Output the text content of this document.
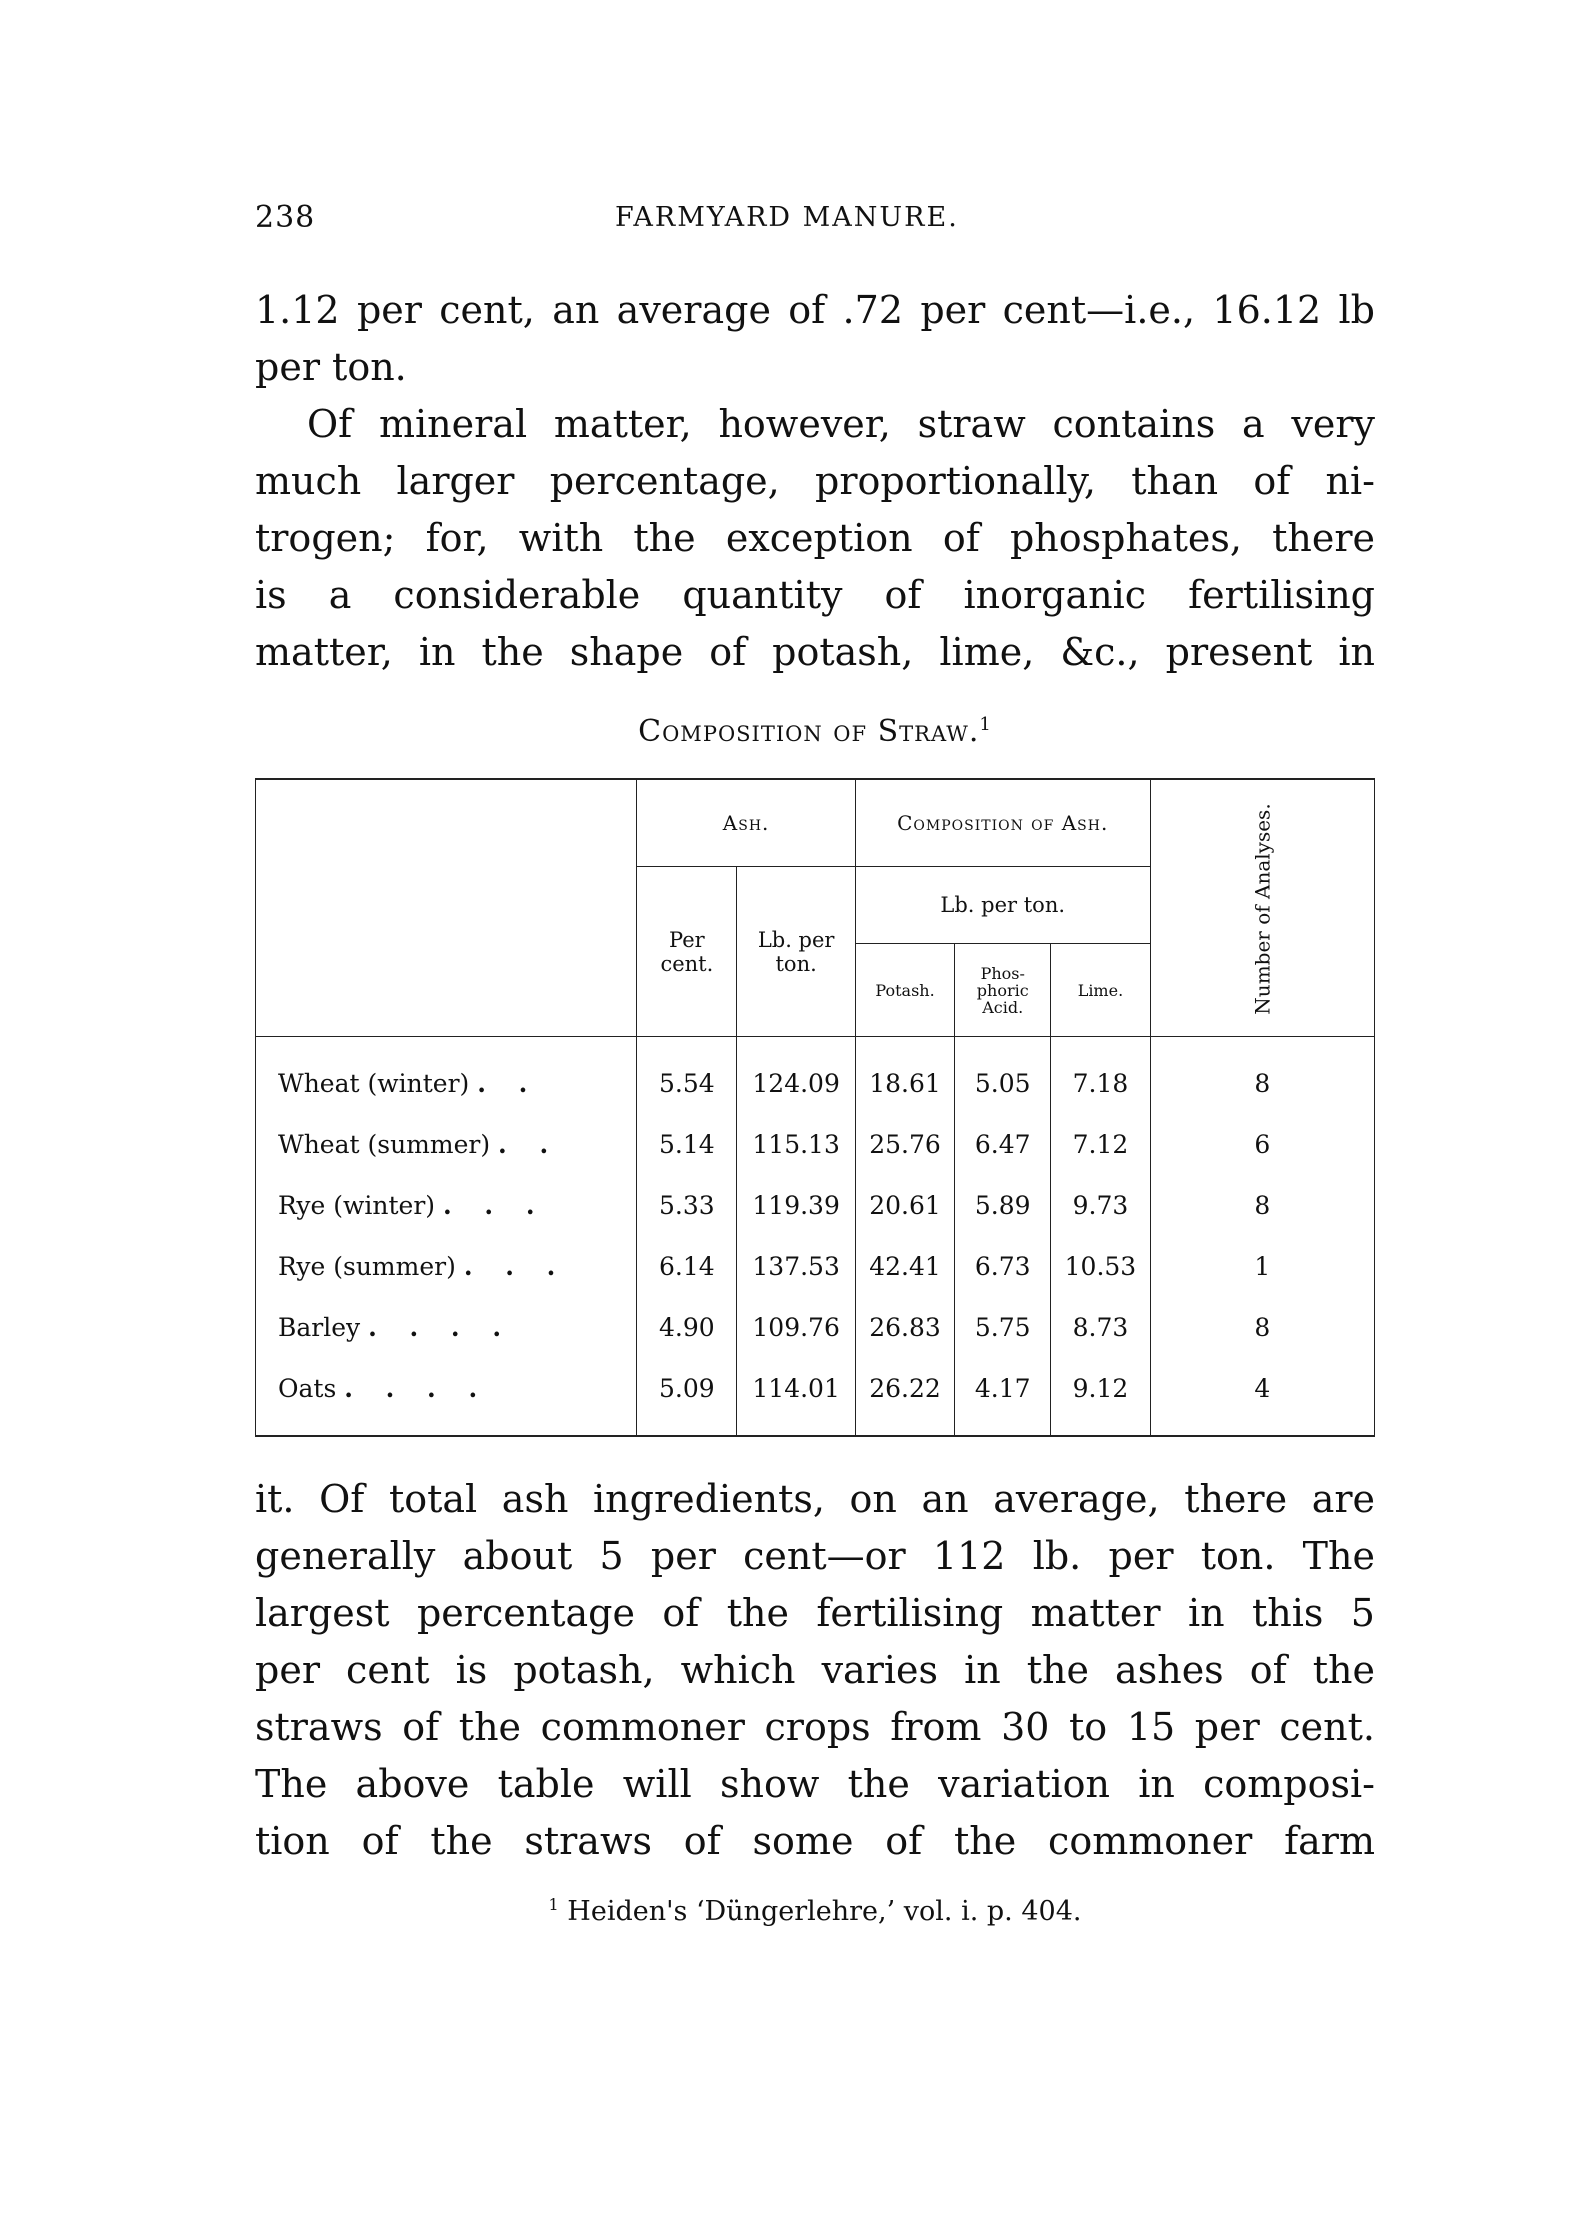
238	FARMYARD MANURE.
1.12 per cent, an average of .72 per cent—i.e., 16.12 lb
per ton.
Of mineral matter, however, straw contains a very
much larger percentage, proportionally, than of ni-
trogen; for, with the exception of phosphates, there
is a considerable quantity of inorganic fertilising
matter, in the shape of potash, lime, &c., present in
Composition of Straw.$^1$
	Ash.		Composition of Ash.			Number of Analyses.
	Per cent.	Lb. per ton.	Lb. per ton.			
			Potash.	Phos- phoric Acid.	Lime.	
Wheat (winter) . .	5.54	124.09	18.61	5.05	7.18	8
Wheat (summer) . .	5.14	115.13	25.76	6.47	7.12	6
Rye (winter) . . .	5.33	119.39	20.61	5.89	9.73	8
Rye (summer) . . .	6.14	137.53	42.41	6.73	10.53	1
Barley . . . .	4.90	109.76	26.83	5.75	8.73	8
Oats . . . .	5.09	114.01	26.22	4.17	9.12	4
it. Of total ash ingredients, on an average, there are
generally about 5 per cent—or 112 lb. per ton. The
largest percentage of the fertilising matter in this 5
per cent is potash, which varies in the ashes of the
straws of the commoner crops from 30 to 15 per cent.
The above table will show the variation in composi-
tion of the straws of some of the commoner farm
$^1$ Heiden's ‘Düngerlehre,’ vol. i. p. 404.
